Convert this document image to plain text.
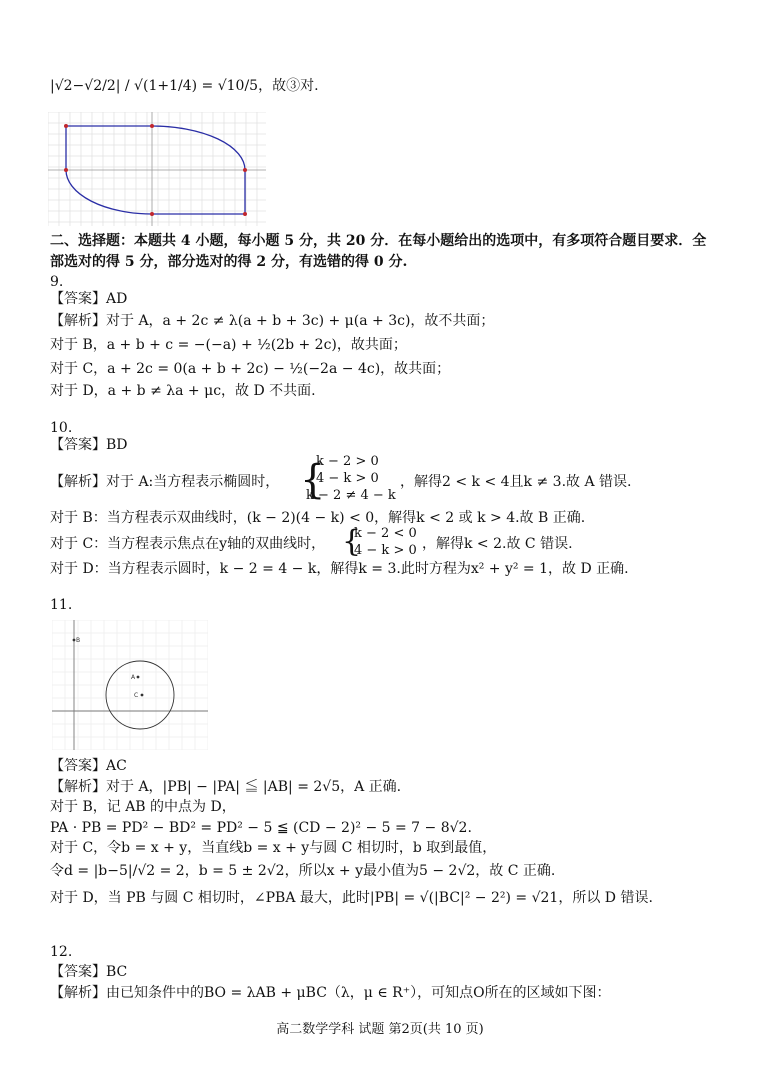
|√2−√2/2| / √(1+1/4) = √10/5，故③对.
二、选择题：本题共 4 小题，每小题 5 分，共 20 分．在每小题给出的选项中，有多项符合题目要求．全部选对的得 5 分，部分选对的得 2 分，有选错的得 0 分.
9.
【答案】AD
【解析】对于 A，a + 2c ≠ λ(a + b + 3c) + μ(a + 3c)，故不共面；
对于 B，a + b + c = −(−a) + ½(2b + 2c)，故共面；
对于 C，a + 2c = 0(a + b + 2c) − ½(−2a − 4c)，故共面；
对于 D，a + b ≠ λa + μc，故 D 不共面.
10.
【答案】BD
【解析】对于 A:当方程表示椭圆时， {
k − 2 > 0
4 − k > 0
k − 2 ≠ 4 − k
，解得2 < k < 4且k ≠ 3.故 A 错误.
对于 B：当方程表示双曲线时，(k − 2)(4 − k) < 0，解得k < 2 或 k > 4.故 B 正确.
对于 C：当方程表示焦点在y轴的双曲线时， {
k − 2 < 0
4 − k > 0 ，解得k < 2.故 C 错误.
对于 D：当方程表示圆时，k − 2 = 4 − k，解得k = 3.此时方程为x² + y² = 1，故 D 正确.
11.
B
A
C
【答案】AC
【解析】对于 A，|PB| − |PA| ≦ |AB| = 2√5，A 正确.
对于 B，记 AB 的中点为 D，
PA · PB = PD² − BD² = PD² − 5 ≦ (CD − 2)² − 5 = 7 − 8√2.
对于 C，令b = x + y，当直线b = x + y与圆 C 相切时，b 取到最值，
令d = |b−5|/√2 = 2，b = 5 ± 2√2，所以x + y最小值为5 − 2√2，故 C 正确.
对于 D，当 PB 与圆 C 相切时，∠PBA 最大，此时|PB| = √(|BC|² − 2²) = √21，所以 D 错误.
12.
【答案】BC
【解析】由已知条件中的BO = λAB + μBC（λ，μ ∈ R⁺），可知点O所在的区域如下图：
高二数学学科 试题 第2页(共 10 页)
